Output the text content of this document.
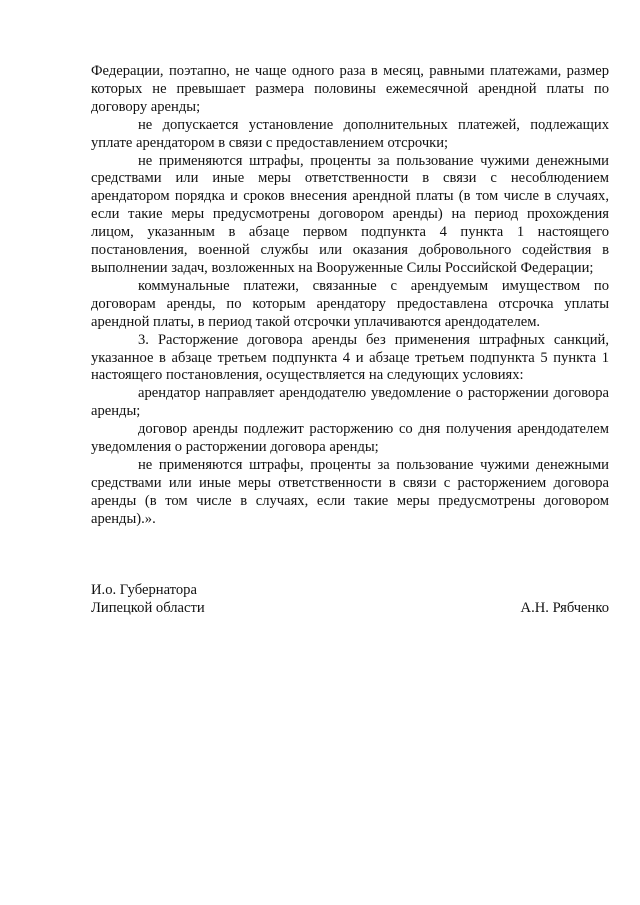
Федерации, поэтапно, не чаще одного раза в месяц, равными платежами, размер которых не превышает размера половины ежемесячной арендной платы по договору аренды;

не допускается установление дополнительных платежей, подлежащих уплате арендатором в связи с предоставлением отсрочки;

не применяются штрафы, проценты за пользование чужими денежными средствами или иные меры ответственности в связи с несоблюдением арендатором порядка и сроков внесения арендной платы (в том числе в случаях, если такие меры предусмотрены договором аренды) на период прохождения лицом, указанным в абзаце первом подпункта 4 пункта 1 настоящего постановления, военной службы или оказания добровольного содействия в выполнении задач, возложенных на Вооруженные Силы Российской Федерации;

коммунальные платежи, связанные с арендуемым имуществом по договорам аренды, по которым арендатору предоставлена отсрочка уплаты арендной платы, в период такой отсрочки уплачиваются арендодателем.

3. Расторжение договора аренды без применения штрафных санкций, указанное в абзаце третьем подпункта 4 и абзаце третьем подпункта 5 пункта 1 настоящего постановления, осуществляется на следующих условиях:

арендатор направляет арендодателю уведомление о расторжении договора аренды;

договор аренды подлежит расторжению со дня получения арендодателем уведомления о расторжении договора аренды;

не применяются штрафы, проценты за пользование чужими денежными средствами или иные меры ответственности в связи с расторжением договора аренды (в том числе в случаях, если такие меры предусмотрены договором аренды).».

И.о. Губернатора
Липецкой области	А.Н. Рябченко
